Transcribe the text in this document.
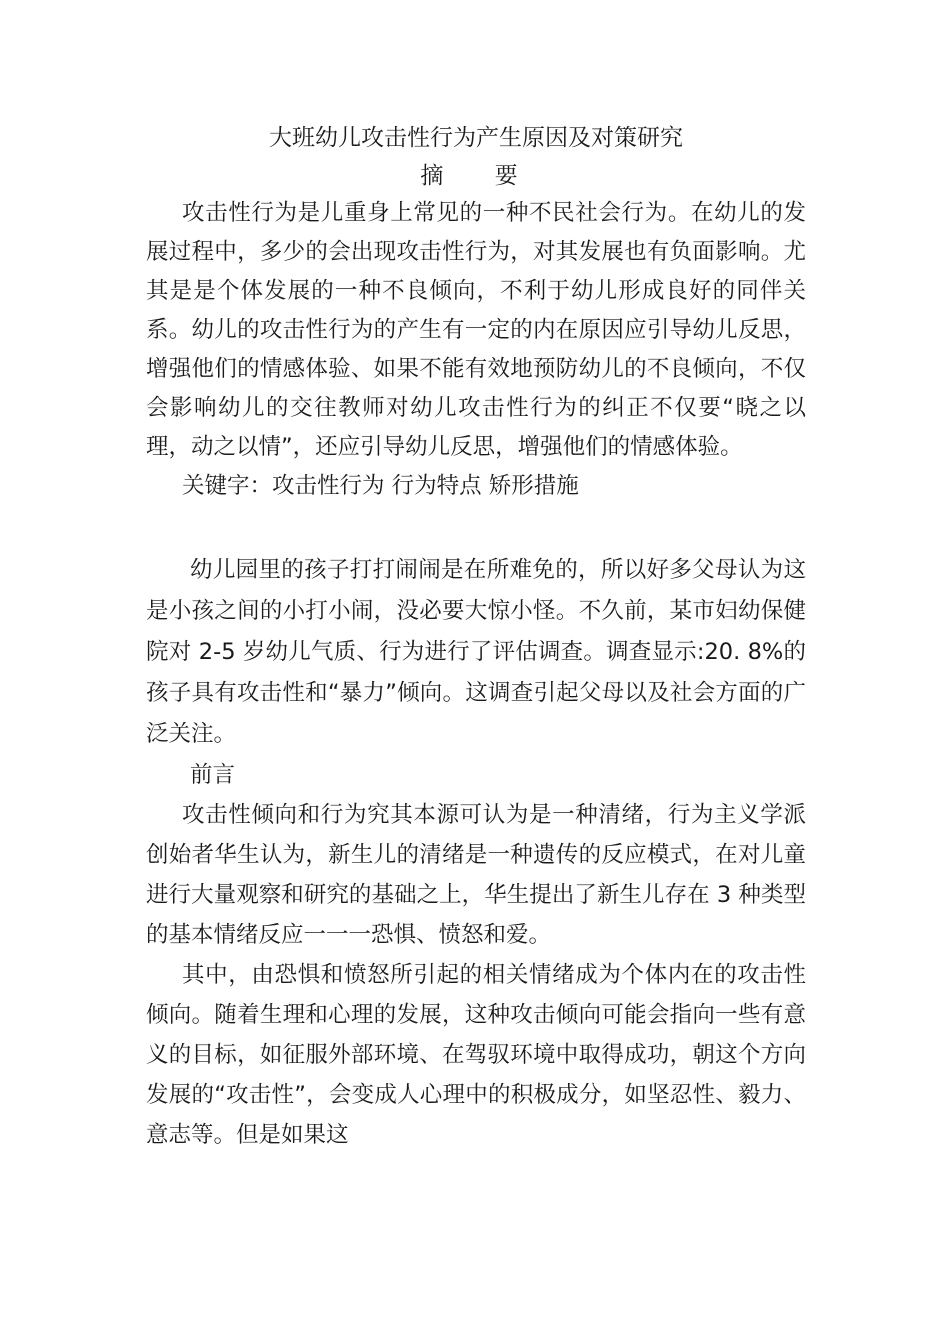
大班幼儿攻击性行为产生原因及对策研究
摘 要

攻击性行为是儿重身上常见的一种不民社会行为。在幼儿的发展过程中，多少的会出现攻击性行为，对其发展也有负面影响。尤其是是个体发展的一种不良倾向，不利于幼儿形成良好的同伴关系。幼儿的攻击性行为的产生有一定的内在原因应引导幼儿反思，增强他们的情感体验、如果不能有效地预防幼儿的不良倾向，不仅会影响幼儿的交往教师对幼儿攻击性行为的纠正不仅要“晓之以理，动之以情”，还应引导幼儿反思，增强他们的情感体验。

关键字：攻击性行为 行为特点 矫形措施

幼儿园里的孩子打打闹闹是在所难免的，所以好多父母认为这是小孩之间的小打小闹，没必要大惊小怪。不久前，某市妇幼保健院对 2-5 岁幼儿气质、行为进行了评估调查。调查显示:20. 8%的孩子具有攻击性和“暴力”倾向。这调查引起父母以及社会方面的广泛关注。

前言

攻击性倾向和行为究其本源可认为是一种清绪，行为主义学派创始者华生认为，新生儿的清绪是一种遗传的反应模式，在对儿童进行大量观察和研究的基础之上，华生提出了新生儿存在 3 种类型的基本情绪反应一一一恐惧、愤怒和爱。

其中，由恐惧和愤怒所引起的相关情绪成为个体内在的攻击性倾向。随着生理和心理的发展，这种攻击倾向可能会指向一些有意义的目标，如征服外部环境、在驾驭环境中取得成功，朝这个方向发展的“攻击性”，会变成人心理中的积极成分，如坚忍性、毅力、意志等。但是如果这
